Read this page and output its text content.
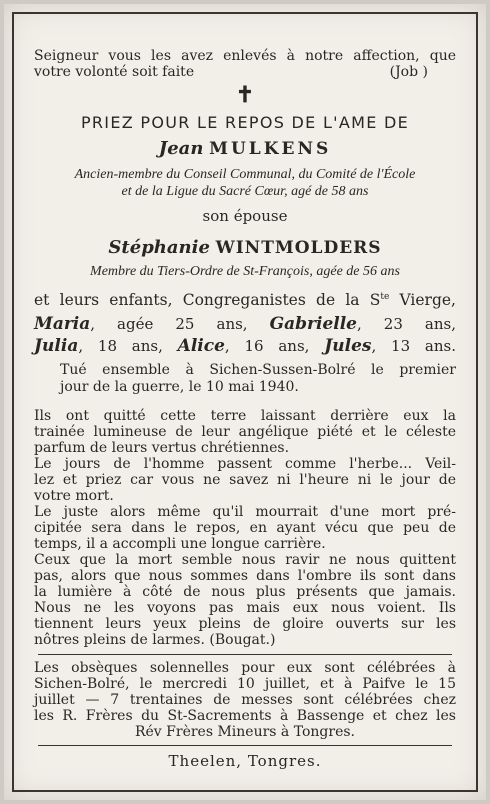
Seigneur vous les avez enlevés à notre affection, que
votre volonté soit faite	(Job )
✝
PRIEZ POUR LE REPOS DE L'AME DE
Jean MULKENS
Ancien-membre du Conseil Communal, du Comité de l'École
et de la Ligue du Sacré Cœur, agé de 58 ans
son épouse
Stéphanie WINTMOLDERS
Membre du Tiers-Ordre de St-François, agée de 56 ans
et leurs enfants, Congreganistes de la $S^{te}$ Vierge,
Maria, agée 25 ans, Gabrielle, 23 ans,
Julia, 18 ans, Alice, 16 ans, Jules, 13 ans.
Tué ensemble à Sichen-Sussen-Bolré le premier
jour de la guerre, le 10 mai 1940.
Ils ont quitté cette terre laissant derrière eux la
trainée lumineuse de leur angélique piété et le céleste
parfum de leurs vertus chrétiennes.
Le jours de l'homme passent comme l'herbe... Veil-
lez et priez car vous ne savez ni l'heure ni le jour de
votre mort.
Le juste alors même qu'il mourrait d'une mort pré-
cipitée sera dans le repos, en ayant vécu que peu de
temps, il a accompli une longue carrière.
Ceux que la mort semble nous ravir ne nous quittent
pas, alors que nous sommes dans l'ombre ils sont dans
la lumière à côté de nous plus présents que jamais.
Nous ne les voyons pas mais eux nous voient. Ils
tiennent leurs yeux pleins de gloire ouverts sur les
nôtres pleins de larmes. (Bougat.)
Les obsèques solennelles pour eux sont célébrées à
Sichen-Bolré, le mercredi 10 juillet, et à Paifve le 15
juillet — 7 trentaines de messes sont célébrées chez
les R. Frères du St-Sacrements à Bassenge et chez les
Rév Frères Mineurs à Tongres.
Theelen, Tongres.
